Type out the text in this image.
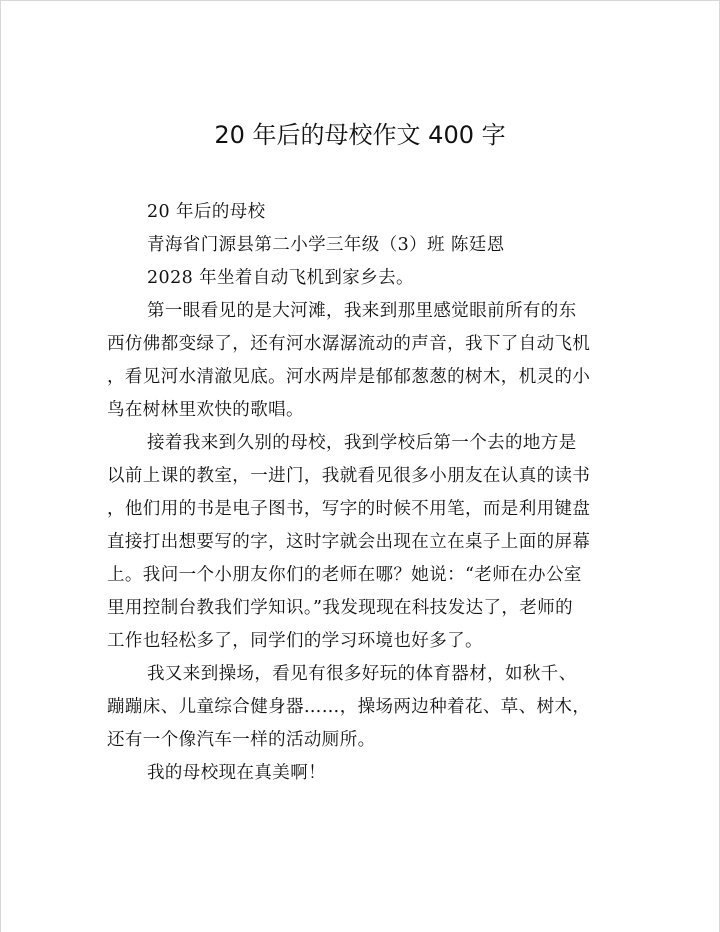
20 年后的母校作文 400 字
20 年后的母校
青海省门源县第二小学三年级（3）班 陈廷恩
2028 年坐着自动飞机到家乡去。
第一眼看见的是大河滩，我来到那里感觉眼前所有的东
西仿佛都变绿了，还有河水潺潺流动的声音，我下了自动飞机
，看见河水清澈见底。河水两岸是郁郁葱葱的树木，机灵的小
鸟在树林里欢快的歌唱。
接着我来到久别的母校，我到学校后第一个去的地方是
以前上课的教室，一进门，我就看见很多小朋友在认真的读书
，他们用的书是电子图书，写字的时候不用笔，而是利用键盘
直接打出想要写的字，这时字就会出现在立在桌子上面的屏幕
上。我问一个小朋友你们的老师在哪？她说：“老师在办公室
里用控制台教我们学知识。”我发现现在科技发达了，老师的
工作也轻松多了，同学们的学习环境也好多了。
我又来到操场，看见有很多好玩的体育器材，如秋千、
蹦蹦床、儿童综合健身器……，操场两边种着花、草、树木，
还有一个像汽车一样的活动厕所。
我的母校现在真美啊！
